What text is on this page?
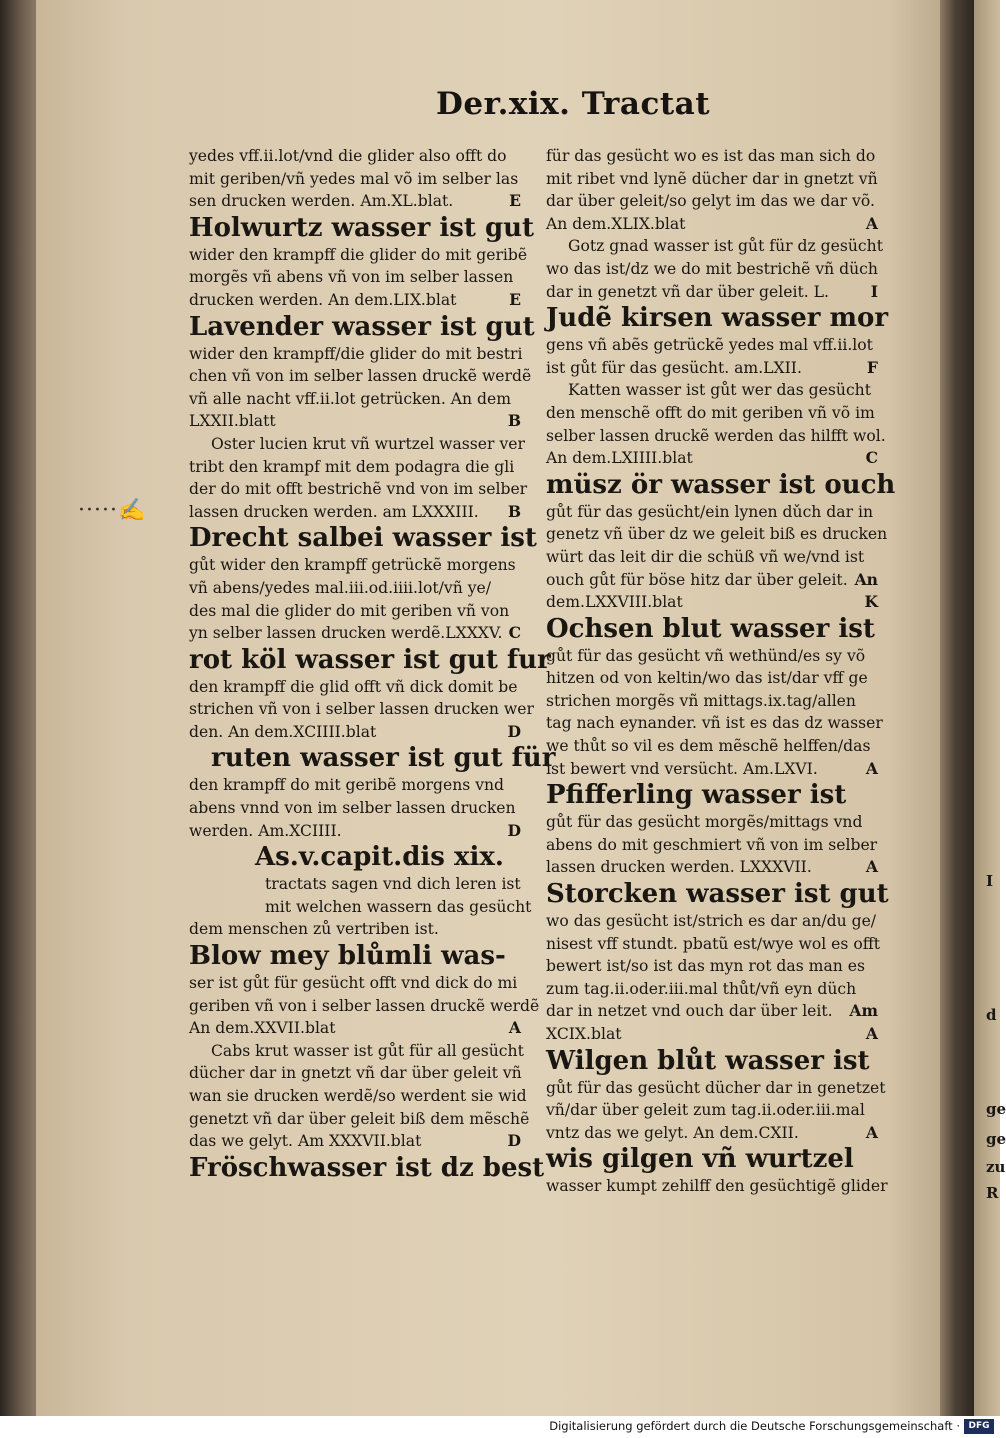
I
d
ge
ge
zu
R
Der.xix. Tractat
·····✍
yedes vff.ii.lot/vnd die glider also offt do
mit geriben/vñ yedes mal võ im selber las
sen drucken werden. Am.XL.blat.	E
Holwurtz wasser ist gut
wider den krampff die glider do mit geribẽ
morgẽs vñ abens vñ von im selber lassen
drucken werden. An dem.LIX.blat	E
Lavender wasser ist gut
wider den krampff/die glider do mit bestri
chen vñ von im selber lassen druckẽ werdẽ
vñ alle nacht vff.ii.lot getrücken. An dem
LXXII.blatt	B
Oster lucien krut vñ wurtzel wasser ver
tribt den krampf mit dem podagra die gli
der do mit offt bestrichẽ vnd von im selber
lassen drucken werden. am LXXXIII. B
Drecht salbei wasser ist
gůt wider den krampff getrückẽ morgens
vñ abens/yedes mal.iii.od.iiii.lot/vñ ye/
des mal die glider do mit geriben vñ von
yn selber lassen drucken werdẽ.LXXXV. C
rot köl wasser ist gut fur
den krampff die glid offt vñ dick domit be
strichen vñ von i selber lassen drucken wer
den. An dem.XCIIII.blat	D
ruten wasser ist gut für
den krampff do mit geribẽ morgens vnd
abens vnnd von im selber lassen drucken
werden. Am.XCIIII.	D
As.v.capit.dis xix.
tractats sagen vnd dich leren ist
mit welchen wassern das gesücht
dem menschen zů vertriben ist.
Blow mey blůmli was-
ser ist gůt für gesücht offt vnd dick do mi
geriben vñ von i selber lassen druckẽ werdẽ
An dem.XXVII.blat	A
Cabs krut wasser ist gůt für all gesücht
dücher dar in gnetzt vñ dar über geleit vñ
wan sie drucken werdẽ/so werdent sie wid
genetzt vñ dar über geleit biß dem mẽschẽ
das we gelyt. Am XXXVII.blat	D
Fröschwasser ist dz best
für das gesücht wo es ist das man sich do
mit ribet vnd lynẽ dücher dar in gnetzt vñ
dar über geleit/so gelyt im das we dar võ.
An dem.XLIX.blat	A
Gotz gnad wasser ist gůt für dz gesücht
wo das ist/dz we do mit bestrichẽ vñ düch
dar in genetzt vñ dar über geleit. L.	I
Judẽ kirsen wasser mor
gens vñ abẽs getrückẽ yedes mal vff.ii.lot
ist gůt für das gesücht. am.LXII.	F
Katten wasser ist gůt wer das gesücht
den menschẽ offt do mit geriben vñ võ im
selber lassen druckẽ werden das hilfft wol.
An dem.LXIIII.blat	C
müsz ör wasser ist ouch
gůt für das gesücht/ein lynen dǔch dar in
genetz vñ über dz we geleit biß es drucken
würt das leit dir die schüß vñ we/vnd ist
ouch gůt für böse hitz dar über geleit. An
dem.LXXVIII.blat	K
Ochsen blut wasser ist
gůt für das gesücht vñ wethünd/es sy võ
hitzen od von keltin/wo das ist/dar vff ge
strichen morgẽs vñ mittags.ix.tag/allen
tag nach eynander. vñ ist es das dz wasser
we thůt so vil es dem mẽschẽ helffen/das
ist bewert vnd versücht. Am.LXVI.	A
Pfifferling wasser ist
gůt für das gesücht morgẽs/mittags vnd
abens do mit geschmiert vñ von im selber
lassen drucken werden. LXXXVII.	A
Storcken wasser ist gut
wo das gesücht ist/strich es dar an/du ge/
nisest vff stundt. pbatũ est/wye wol es offt
bewert ist/so ist das myn rot das man es
zum tag.ii.oder.iii.mal thůt/vñ eyn düch
dar in netzet vnd ouch dar über leit. Am
XCIX.blat	A
Wilgen blůt wasser ist
gůt für das gesücht dücher dar in genetzet
vñ/dar über geleit zum tag.ii.oder.iii.mal
vntz das we gelyt. An dem.CXII.	A
wis gilgen vñ wurtzel
wasser kumpt zehilff den gesüchtigẽ glider
Digitalisierung gefördert durch die Deutsche Forschungsgemeinschaft · DFG
